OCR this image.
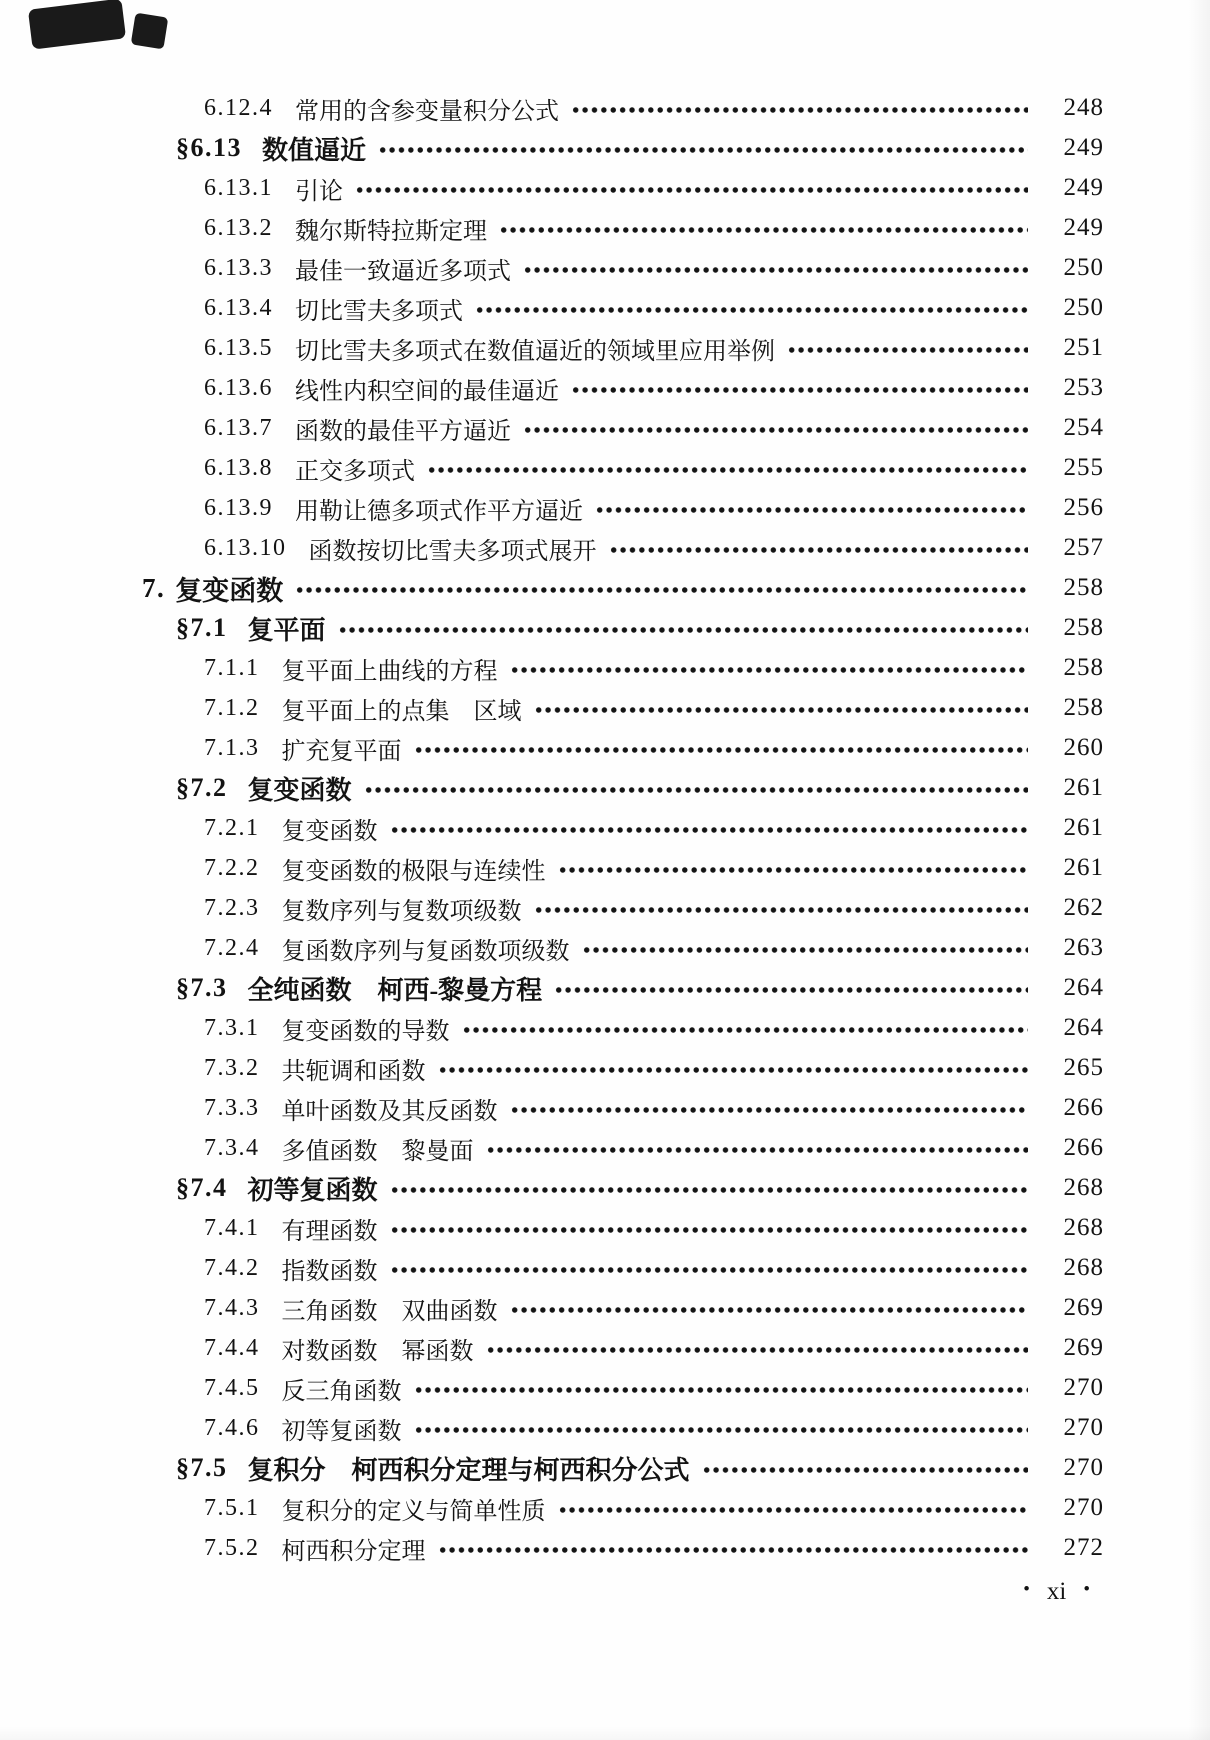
6.12.4 常用的含参变量积分公式	248
§6.13 数值逼近	249
6.13.1 引论	249
6.13.2 魏尔斯特拉斯定理	249
6.13.3 最佳一致逼近多项式	250
6.13.4 切比雪夫多项式	250
6.13.5 切比雪夫多项式在数值逼近的领域里应用举例	251
6.13.6 线性内积空间的最佳逼近	253
6.13.7 函数的最佳平方逼近	254
6.13.8 正交多项式	255
6.13.9 用勒让德多项式作平方逼近	256
6.13.10 函数按切比雪夫多项式展开	257
7. 复变函数	258
§7.1 复平面	258
7.1.1 复平面上曲线的方程	258
7.1.2 复平面上的点集　区域	258
7.1.3 扩充复平面	260
§7.2 复变函数	261
7.2.1 复变函数	261
7.2.2 复变函数的极限与连续性	261
7.2.3 复数序列与复数项级数	262
7.2.4 复函数序列与复函数项级数	263
§7.3 全纯函数　柯西-黎曼方程	264
7.3.1 复变函数的导数	264
7.3.2 共轭调和函数	265
7.3.3 单叶函数及其反函数	266
7.3.4 多值函数　黎曼面	266
§7.4 初等复函数	268
7.4.1 有理函数	268
7.4.2 指数函数	268
7.4.3 三角函数　双曲函数	269
7.4.4 对数函数　幂函数	269
7.4.5 反三角函数	270
7.4.6 初等复函数	270
§7.5 复积分　柯西积分定理与柯西积分公式	270
7.5.1 复积分的定义与简单性质	270
7.5.2 柯西积分定理	272
• xi •
